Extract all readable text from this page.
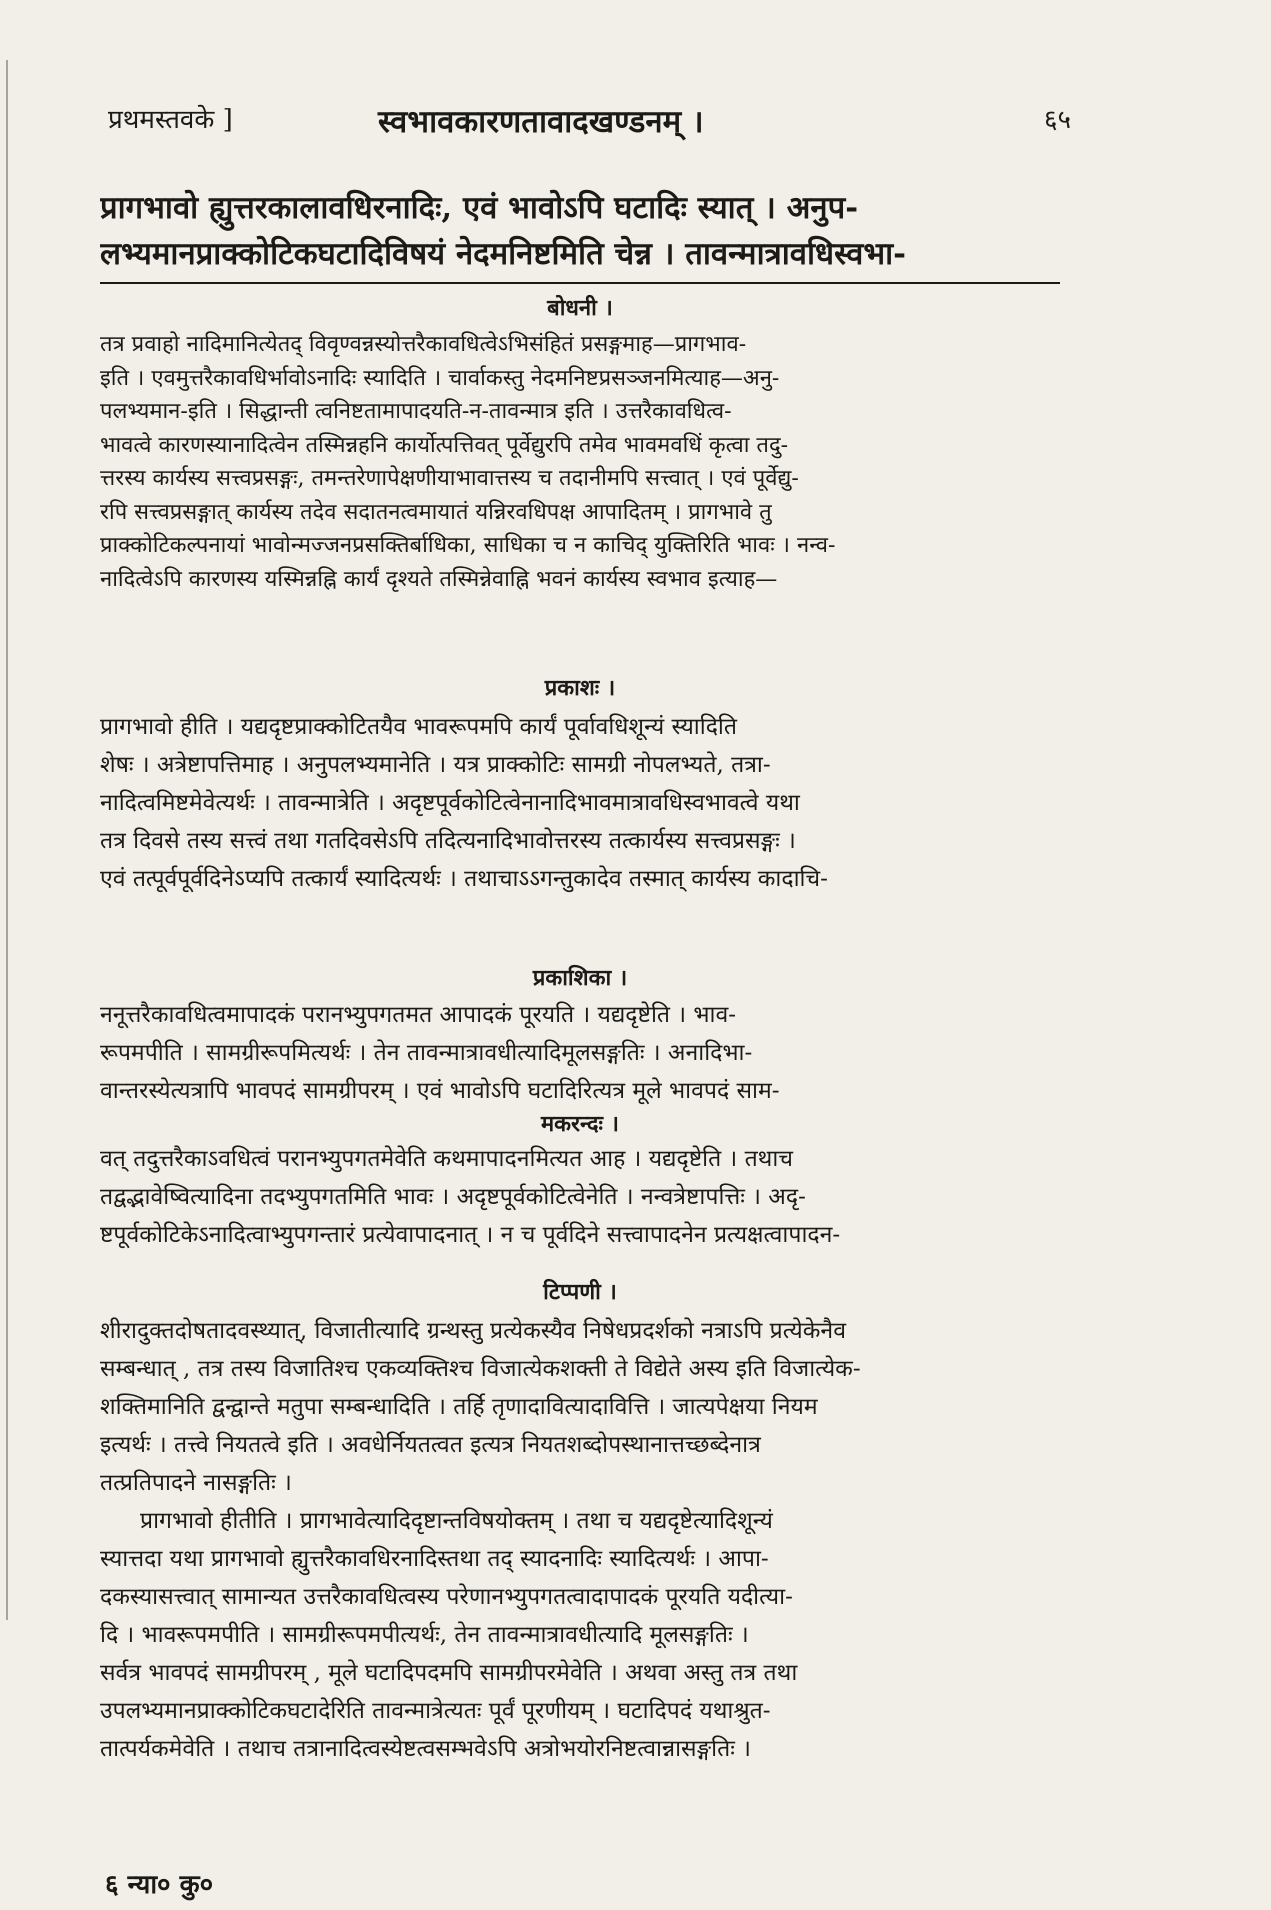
प्रथमस्तवके ]	स्वभावकारणतावादखण्डनम् ।	६५
प्रागभावो ह्युत्तरकालावधिरनादिः, एवं भावोऽपि घटादिः स्यात् । अनुप-
लभ्यमानप्राक्कोटिकघटादिविषयं नेदमनिष्टमिति चेन्न । तावन्मात्रावधिस्वभा-
बोधनी ।
तत्र प्रवाहो नादिमानित्येतद् विवृण्वन्नस्योत्तरैकावधित्वेऽभिसंहितं प्रसङ्गमाह—प्रागभाव-
इति । एवमुत्तरैकावधिर्भावोऽनादिः स्यादिति । चार्वाकस्तु नेदमनिष्टप्रसञ्जनमित्याह—अनु-
पलभ्यमान-इति । सिद्धान्ती त्वनिष्टतामापादयति-न-तावन्मात्र इति । उत्तरैकावधित्व-
भावत्वे कारणस्यानादित्वेन तस्मिन्नहनि कार्योत्पत्तिवत् पूर्वेद्युरपि तमेव भावमवधिं कृत्वा तदु-
त्तरस्य कार्यस्य सत्त्वप्रसङ्गः, तमन्तरेणापेक्षणीयाभावात्तस्य च तदानीमपि सत्त्वात् । एवं पूर्वेद्यु-
रपि सत्त्वप्रसङ्गात् कार्यस्य तदेव सदातनत्वमायातं यन्निरवधिपक्ष आपादितम् । प्रागभावे तु
प्राक्कोटिकल्पनायां भावोन्मज्जनप्रसक्तिर्बाधिका, साधिका च न काचिद् युक्तिरिति भावः । नन्व-
नादित्वेऽपि कारणस्य यस्मिन्नह्नि कार्यं दृश्यते तस्मिन्नेवाह्नि भवनं कार्यस्य स्वभाव इत्याह—
प्रकाशः ।
प्रागभावो हीति । यद्यदृष्टप्राक्कोटितयैव भावरूपमपि कार्यं पूर्वावधिशून्यं स्यादिति
शेषः । अत्रेष्टापत्तिमाह । अनुपलभ्यमानेति । यत्र प्राक्कोटिः सामग्री नोपलभ्यते, तत्रा-
नादित्वमिष्टमेवेत्यर्थः । तावन्मात्रेति । अदृष्टपूर्वकोटित्वेनानादिभावमात्रावधिस्वभावत्वे यथा
तत्र दिवसे तस्य सत्त्वं तथा गतदिवसेऽपि तदित्यनादिभावोत्तरस्य तत्कार्यस्य सत्त्वप्रसङ्गः ।
एवं तत्पूर्वपूर्वदिनेऽप्यपि तत्कार्यं स्यादित्यर्थः । तथाचाऽऽगन्तुकादेव तस्मात् कार्यस्य कादाचि-
प्रकाशिका ।
ननूत्तरैकावधित्वमापादकं परानभ्युपगतमत आपादकं पूरयति । यद्यदृष्टेति । भाव-
रूपमपीति । सामग्रीरूपमित्यर्थः । तेन तावन्मात्रावधीत्यादिमूलसङ्गतिः । अनादिभा-
वान्तरस्येत्यत्रापि भावपदं सामग्रीपरम् । एवं भावोऽपि घटादिरित्यत्र मूले भावपदं साम-
मकरन्दः ।
वत् तदुत्तरैकाऽवधित्वं परानभ्युपगतमेवेति कथमापादनमित्यत आह । यद्यदृष्टेति । तथाच
तद्वद्भावेष्वित्यादिना तदभ्युपगतमिति भावः । अदृष्टपूर्वकोटित्वेनेति । नन्वत्रेष्टापत्तिः । अदृ-
ष्टपूर्वकोटिकेऽनादित्वाभ्युपगन्तारं प्रत्येवापादनात् । न च पूर्वदिने सत्त्वापादनेन प्रत्यक्षत्वापादन-
टिप्पणी ।
शीरादुक्तदोषतादवस्थ्यात्, विजातीत्यादि ग्रन्थस्तु प्रत्येकस्यैव निषेधप्रदर्शको नत्राऽपि प्रत्येकेनैव
सम्बन्धात् , तत्र तस्य विजातिश्च एकव्यक्तिश्च विजात्येकशक्ती ते विद्येते अस्य इति विजात्येक-
शक्तिमानिति द्वन्द्वान्ते मतुपा सम्बन्धादिति । तर्हि तृणादावित्यादावित्ति । जात्यपेक्षया नियम
इत्यर्थः । तत्त्वे नियतत्वे इति । अवधेर्नियतत्वत इत्यत्र नियतशब्दोपस्थानात्तच्छब्देनात्र
तत्प्रतिपादने नासङ्गतिः ।
प्रागभावो हीतीति । प्रागभावेत्यादिदृष्टान्तविषयोक्तम् । तथा च यद्यदृष्टेत्यादिशून्यं
स्यात्तदा यथा प्रागभावो ह्युत्तरैकावधिरनादिस्तथा तद् स्यादनादिः स्यादित्यर्थः । आपा-
दकस्यासत्त्वात् सामान्यत उत्तरैकावधित्वस्य परेणानभ्युपगतत्वादापादकं पूरयति यदीत्या-
दि । भावरूपमपीति । सामग्रीरूपमपीत्यर्थः, तेन तावन्मात्रावधीत्यादि मूलसङ्गतिः ।
सर्वत्र भावपदं सामग्रीपरम् , मूले घटादिपदमपि सामग्रीपरमेवेति । अथवा अस्तु तत्र तथा
उपलभ्यमानप्राक्कोटिकघटादेरिति तावन्मात्रेत्यतः पूर्वं पूरणीयम् । घटादिपदं यथाश्रुत-
तात्पर्यकमेवेति । तथाच तत्रानादित्वस्येष्टत्वसम्भवेऽपि अत्रोभयोरनिष्टत्वान्नासङ्गतिः ।
६ न्या० कु०
